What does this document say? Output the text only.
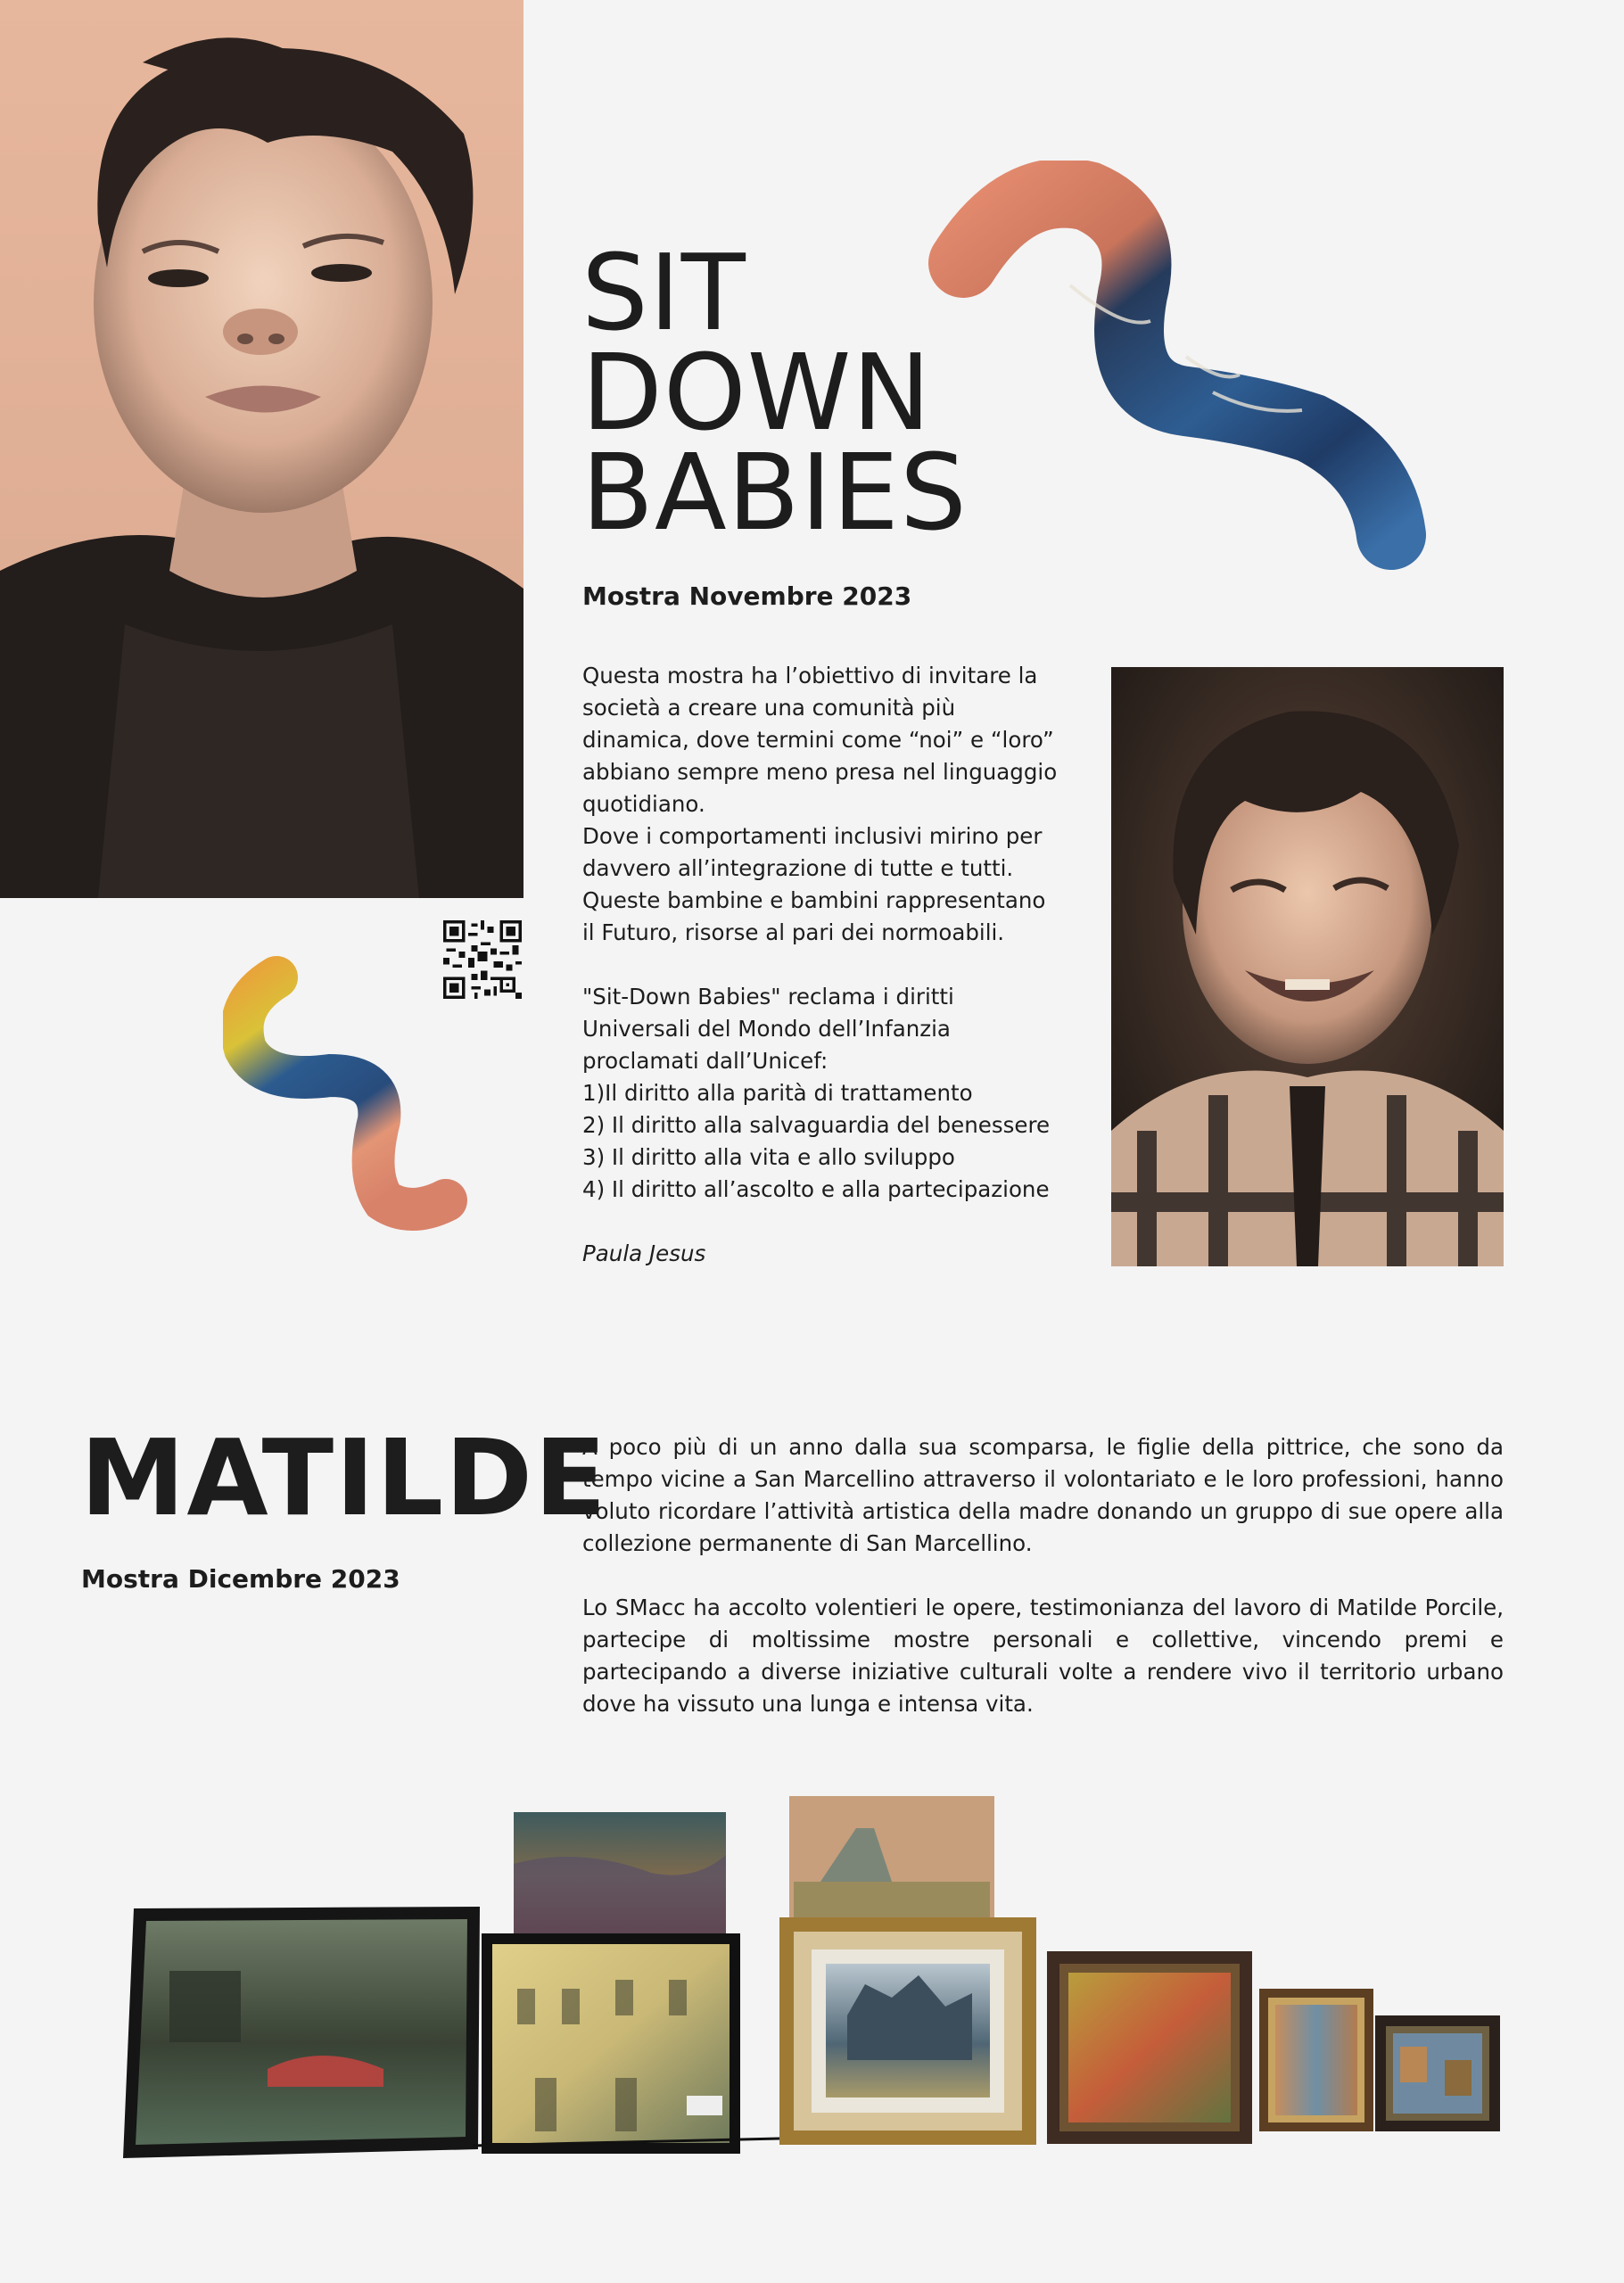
SIT
DOWN
BABIES
Mostra Novembre 2023

Questa mostra ha l’obiettivo di invitare la società a creare una comunità più dinamica, dove termini come “noi” e “loro” abbiano sempre meno presa nel linguaggio quotidiano.

Dove i comportamenti inclusivi mirino per davvero all’integrazione di tutte e tutti.

Queste bambine e bambini rappresentano il Futuro, risorse al pari dei normoabili.

"Sit-Down Babies" reclama i diritti Universali del Mondo dell’Infanzia proclamati dall’Unicef:

1)Il diritto alla parità di trattamento

2) Il diritto alla salvaguardia del benessere

3) Il diritto alla vita e allo sviluppo

4) Il diritto all’ascolto e alla partecipazione

Paula Jesus

MATILDE
Mostra Dicembre 2023

A poco più di un anno dalla sua scomparsa, le figlie della pittrice, che sono da tempo vicine a San Marcellino attraverso il volontariato e le loro professioni, hanno voluto ricordare l’attività artistica della madre donando un gruppo di sue opere alla collezione permanente di San Marcellino.

Lo SMacc ha accolto volentieri le opere, testimonianza del lavoro di Matilde Porcile, partecipe di moltissime mostre personali e collettive, vincendo premi e partecipando a diverse iniziative culturali volte a rendere vivo il territorio urbano dove ha vissuto una lunga e intensa vita.
